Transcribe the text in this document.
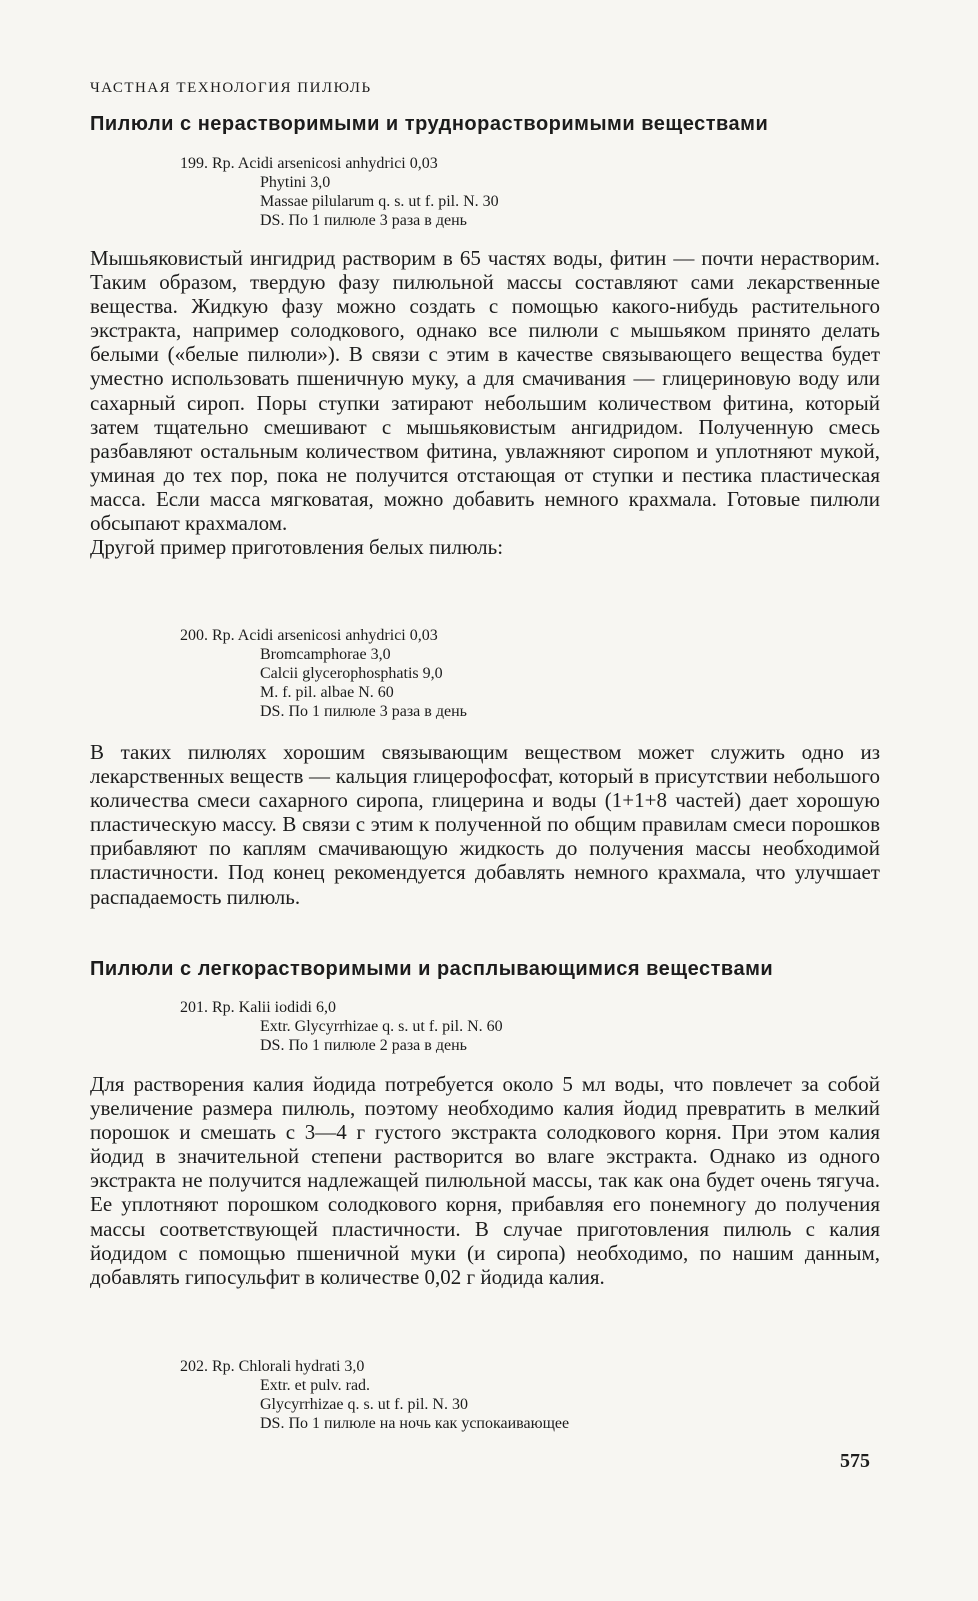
ЧАСТНАЯ ТЕХНОЛОГИЯ ПИЛЮЛЬ
Пилюли с нерастворимыми и труднорастворимыми веществами
199. Rp. Acidi arsenicosi anhydrici 0,03
Phytini 3,0
Massae pilularum q. s. ut f. pil. N. 30
DS. По 1 пилюле 3 раза в день

Мышьяковистый ингидрид растворим в 65 частях воды, фитин — почти нерастворим. Таким образом, твердую фазу пилюльной массы составляют сами лекарственные вещества. Жидкую фазу можно создать с помощью какого-нибудь растительного экстракта, например солодкового, однако все пилюли с мышьяком принято делать белыми («белые пилюли»). В связи с этим в качестве связывающего вещества будет уместно использовать пшеничную муку, а для смачивания — глицериновую воду или сахарный сироп. Поры ступки затирают небольшим количеством фитина, который затем тщательно смешивают с мышьяковистым ангидридом. Полученную смесь разбавляют остальным количеством фитина, увлажняют сиропом и уплотняют мукой, уминая до тех пор, пока не получится отстающая от ступки и пестика пластическая масса. Если масса мягковатая, можно добавить немного крахмала. Готовые пилюли обсыпают крахмалом.

Другой пример приготовления белых пилюль:

200. Rp. Acidi arsenicosi anhydrici 0,03
Bromcamphorae 3,0
Calcii glycerophosphatis 9,0
M. f. pil. albae N. 60
DS. По 1 пилюле 3 раза в день

В таких пилюлях хорошим связывающим веществом может служить одно из лекарственных веществ — кальция глицерофосфат, который в присутствии небольшого количества смеси сахарного сиропа, глицерина и воды (1+1+8 частей) дает хорошую пластическую массу. В связи с этим к полученной по общим правилам смеси порошков прибавляют по каплям смачивающую жидкость до получения массы необходимой пластичности. Под конец рекомендуется добавлять немного крахмала, что улучшает распадаемость пилюль.

Пилюли с легкорастворимыми и расплывающимися веществами
201. Rp. Kalii iodidi 6,0
Extr. Glycyrrhizae q. s. ut f. pil. N. 60
DS. По 1 пилюле 2 раза в день

Для растворения калия йодида потребуется около 5 мл воды, что повлечет за собой увеличение размера пилюль, поэтому необходимо калия йодид превратить в мелкий порошок и смешать с 3—4 г густого экстракта солодкового корня. При этом калия йодид в значительной степени растворится во влаге экстракта. Однако из одного экстракта не получится надлежащей пилюльной массы, так как она будет очень тягуча. Ее уплотняют порошком солодкового корня, прибавляя его понемногу до получения массы соответствующей пластичности. В случае приготовления пилюль с калия йодидом с помощью пшеничной муки (и сиропа) необходимо, по нашим данным, добавлять гипосульфит в количестве 0,02 г йодида калия.

202. Rp. Chlorali hydrati 3,0
Extr. et pulv. rad.
Glycyrrhizae q. s. ut f. pil. N. 30
DS. По 1 пилюле на ночь как успокаивающее
575
